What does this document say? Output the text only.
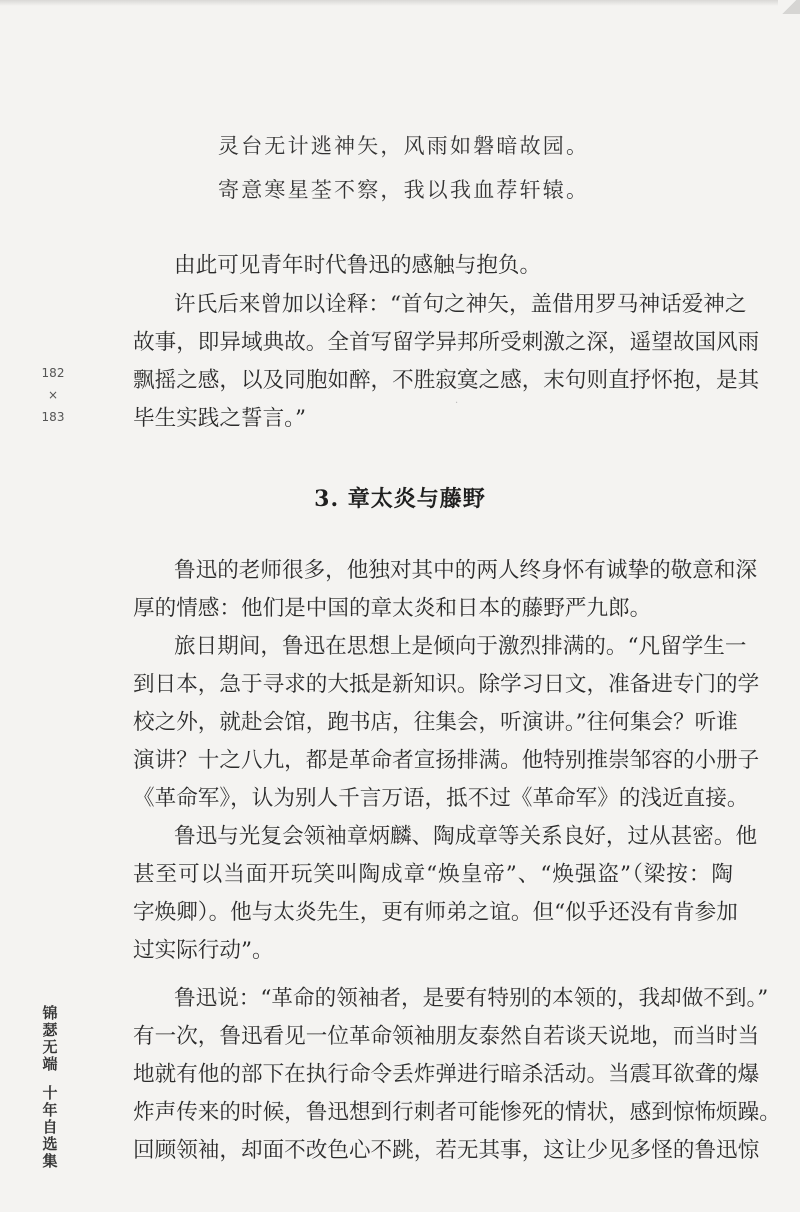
灵台无计逃神矢，风雨如磐暗故园。
寄意寒星荃不察，我以我血荐轩辕。
由此可见青年时代鲁迅的感触与抱负。
许氏后来曾加以诠释：“首句之神矢，盖借用罗马神话爱神之
故事，即异域典故。全首写留学异邦所受刺激之深，遥望故国风雨
飘摇之感，以及同胞如醉，不胜寂寞之感，末句则直抒怀抱，是其
毕生实践之誓言。”
·
3. 章太炎与藤野
鲁迅的老师很多，他独对其中的两人终身怀有诚挚的敬意和深
厚的情感：他们是中国的章太炎和日本的藤野严九郎。
旅日期间，鲁迅在思想上是倾向于激烈排满的。“凡留学生一
到日本，急于寻求的大抵是新知识。除学习日文，准备进专门的学
校之外，就赴会馆，跑书店，往集会，听演讲。”往何集会？听谁
演讲？十之八九，都是革命者宣扬排满。他特别推崇邹容的小册子
《革命军》，认为别人千言万语，抵不过《革命军》的浅近直接。
鲁迅与光复会领袖章炳麟、陶成章等关系良好，过从甚密。他
甚至可以当面开玩笑叫陶成章“焕皇帝”、“焕强盗”（梁按：陶
字焕卿）。他与太炎先生，更有师弟之谊。但“似乎还没有肯参加
过实际行动”。
鲁迅说：“革命的领袖者，是要有特别的本领的，我却做不到。”
有一次，鲁迅看见一位革命领袖朋友泰然自若谈天说地，而当时当
地就有他的部下在执行命令丢炸弹进行暗杀活动。当震耳欲聋的爆
炸声传来的时候，鲁迅想到行刺者可能惨死的情状，感到惊怖烦躁。
回顾领袖，却面不改色心不跳，若无其事，这让少见多怪的鲁迅惊
182
×
183
锦瑟无端
十年自选集
